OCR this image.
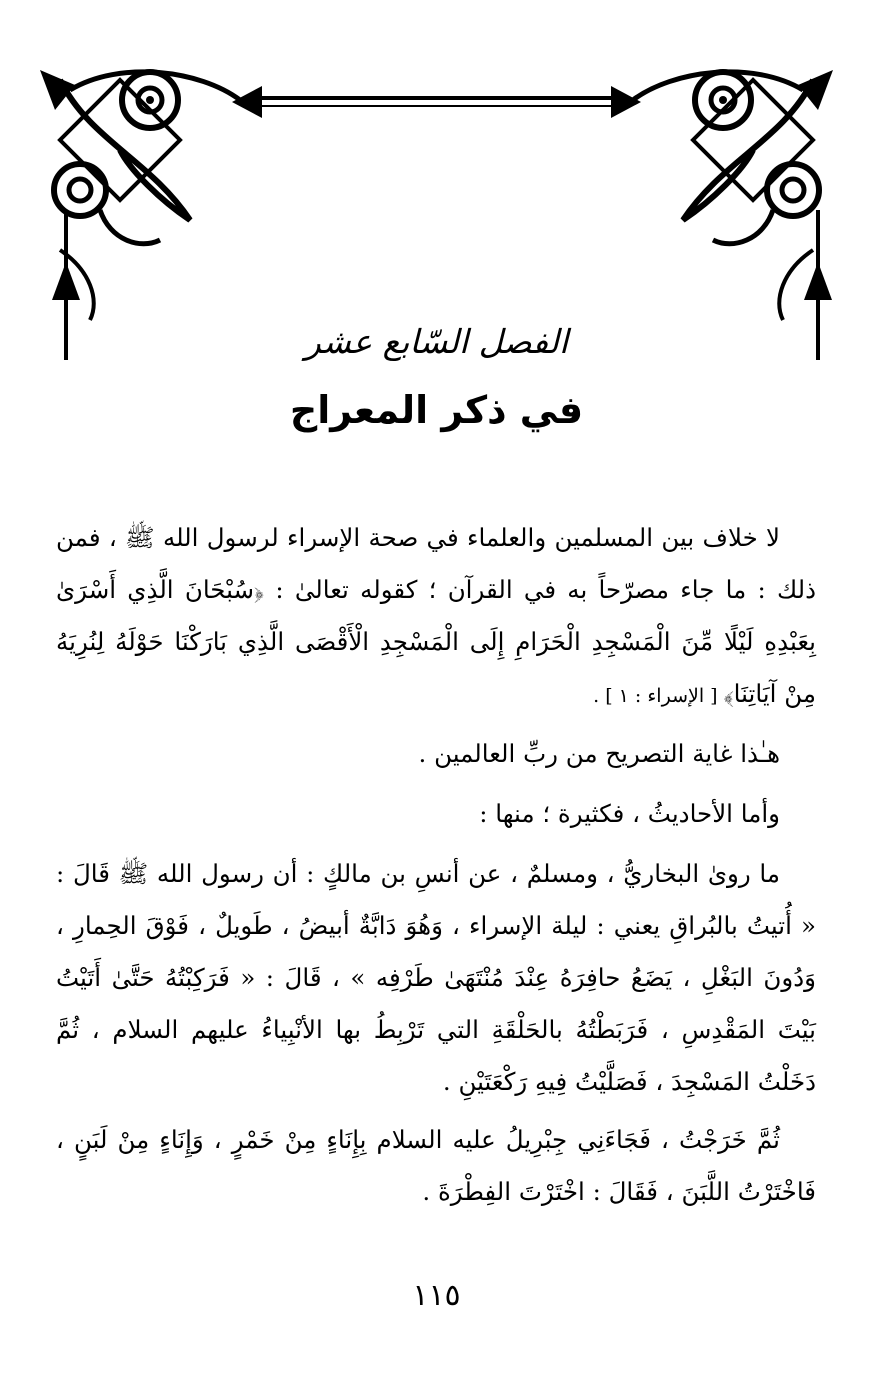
الفصل السّابع عشر
في ذكر المعراج

لا خلاف بين المسلمين والعلماء في صحة الإسراء لرسول الله ﷺ ، فمن ذلك : ما جاء مصرّحاً به في القرآن ؛ كقوله تعالىٰ : ﴿سُبْحَانَ الَّذِي أَسْرَىٰ بِعَبْدِهِ لَيْلًا مِّنَ الْمَسْجِدِ الْحَرَامِ إِلَى الْمَسْجِدِ الْأَقْصَى الَّذِي بَارَكْنَا حَوْلَهُ لِنُرِيَهُ مِنْ آيَاتِنَا﴾ [ الإسراء : ١ ] .

هـٰذا غاية التصريح من ربِّ العالمين .

وأما الأحاديثُ ، فكثيرة ؛ منها :

ما روىٰ البخاريُّ ، ومسلمٌ ، عن أنسِ بن مالكٍ : أن رسول الله ﷺ قَالَ : « أُتيتُ بالبُراقِ يعني : ليلة الإسراء ، وَهُوَ دَابَّةٌ أبيضُ ، طَويلٌ ، فَوْقَ الحِمارِ ، وَدُونَ البَغْلِ ، يَضَعُ حافِرَهُ عِنْدَ مُنْتَهَىٰ طَرْفِه » ، قَالَ : « فَرَكِبْتُهُ حَتَّىٰ أَتَيْتُ بَيْتَ المَقْدِسِ ، فَرَبَطْتُهُ بالحَلْقَةِ التي تَرْبِطُ بها الأنْبِياءُ عليهم السلام ، ثُمَّ دَخَلْتُ المَسْجِدَ ، فَصَلَّيْتُ فِيهِ رَكْعَتَيْنِ .

ثُمَّ خَرَجْتُ ، فَجَاءَنِي جِبْرِيلُ عليه السلام بِإِنَاءٍ مِنْ خَمْرٍ ، وَإِنَاءٍ مِنْ لَبَنٍ ، فَاخْتَرْتُ اللَّبَنَ ، فَقَالَ : اخْتَرْتَ الفِطْرَةَ .

١١٥
